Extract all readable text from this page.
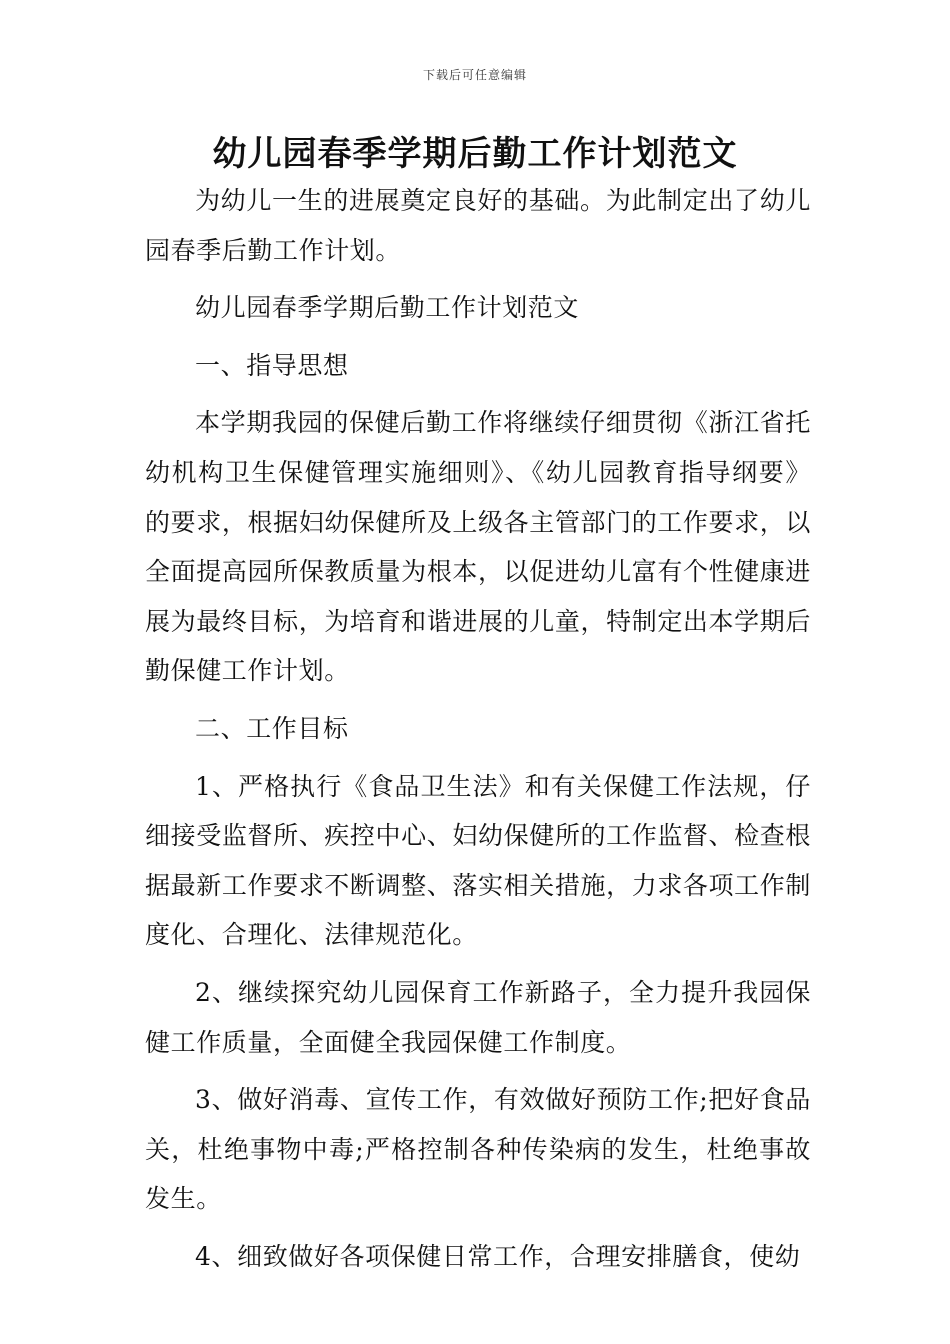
下载后可任意编辑
幼儿园春季学期后勤工作计划范文

为幼儿一生的进展奠定良好的基础。为此制定出了幼儿园春季后勤工作计划。

幼儿园春季学期后勤工作计划范文

一、指导思想

本学期我园的保健后勤工作将继续仔细贯彻《浙江省托幼机构卫生保健管理实施细则》、《幼儿园教育指导纲要》的要求，根据妇幼保健所及上级各主管部门的工作要求，以全面提高园所保教质量为根本，以促进幼儿富有个性健康进展为最终目标，为培育和谐进展的儿童，特制定出本学期后勤保健工作计划。

二、工作目标

1、严格执行《食品卫生法》和有关保健工作法规，仔细接受监督所、疾控中心、妇幼保健所的工作监督、检查根据最新工作要求不断调整、落实相关措施，力求各项工作制度化、合理化、法律规范化。

2、继续探究幼儿园保育工作新路子，全力提升我园保健工作质量，全面健全我园保健工作制度。

3、做好消毒、宣传工作，有效做好预防工作;把好食品关，杜绝事物中毒;严格控制各种传染病的发生，杜绝事故发生。

4、细致做好各项保健日常工作，合理安排膳食，使幼
